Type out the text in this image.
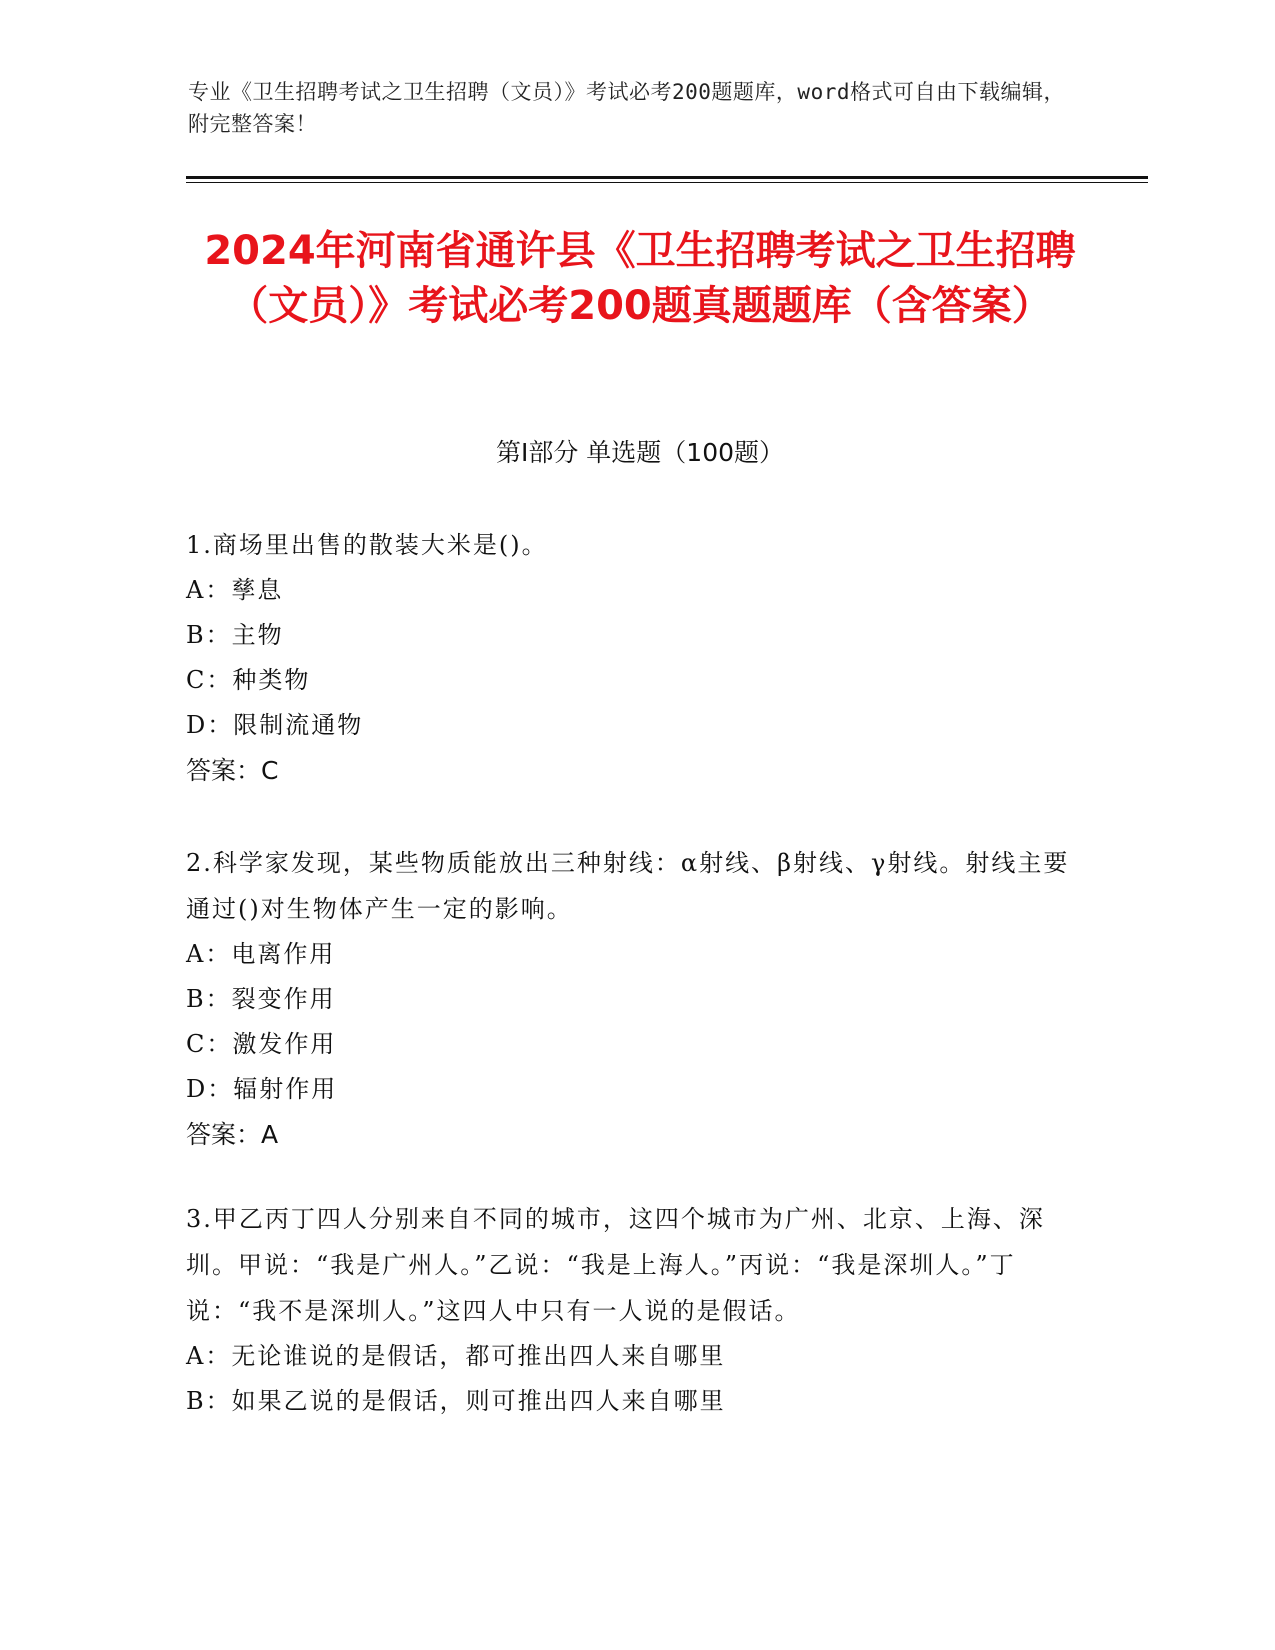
专业《卫生招聘考试之卫生招聘（文员）》考试必考200题题库，word格式可自由下载编辑，附完整答案！
2024年河南省通许县《卫生招聘考试之卫生招聘（文员）》考试必考200题真题题库（含答案）
第Ⅰ部分 单选题（100题）
1.商场里出售的散装大米是()。
A：孳息
B：主物
C：种类物
D：限制流通物
答案：C
2.科学家发现，某些物质能放出三种射线：α射线、β射线、γ射线。射线主要通过()对生物体产生一定的影响。
A：电离作用
B：裂变作用
C：激发作用
D：辐射作用
答案：A
3.甲乙丙丁四人分别来自不同的城市，这四个城市为广州、北京、上海、深圳。甲说：“我是广州人。”乙说：“我是上海人。”丙说：“我是深圳人。”丁说：“我不是深圳人。”这四人中只有一人说的是假话。
A：无论谁说的是假话，都可推出四人来自哪里
B：如果乙说的是假话，则可推出四人来自哪里
